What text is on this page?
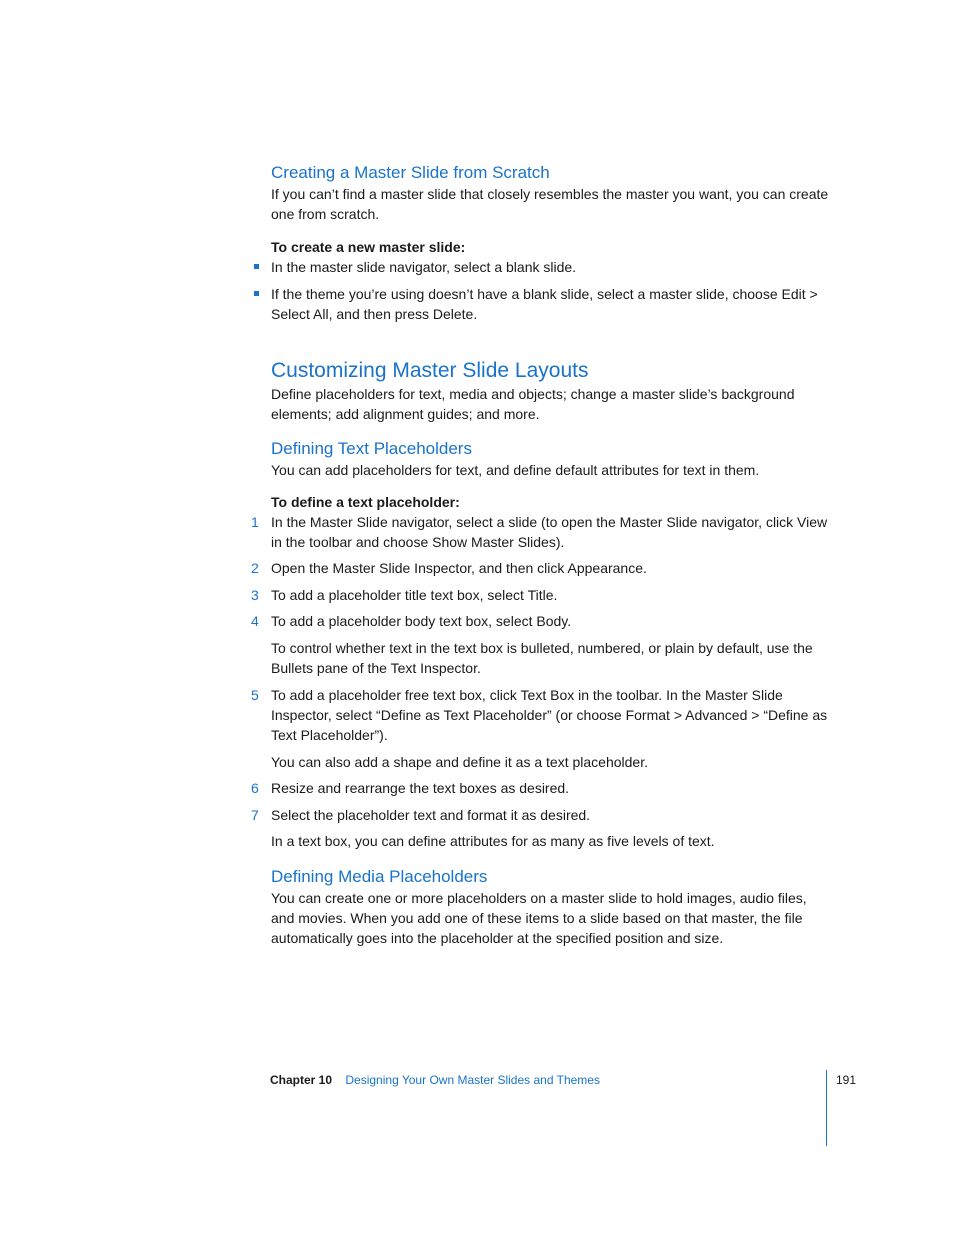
Creating a Master Slide from Scratch

If you can’t find a master slide that closely resembles the master you want, you can create one from scratch.

To create a new master slide:

In the master slide navigator, select a blank slide.
If the theme you’re using doesn’t have a blank slide, select a master slide, choose Edit > Select All, and then press Delete.
Customizing Master Slide Layouts

Define placeholders for text, media and objects; change a master slide’s background elements; add alignment guides; and more.

Defining Text Placeholders

You can add placeholders for text, and define default attributes for text in them.

To define a text placeholder:

1 In the Master Slide navigator, select a slide (to open the Master Slide navigator, click View in the toolbar and choose Show Master Slides).
2 Open the Master Slide Inspector, and then click Appearance.
3 To add a placeholder title text box, select Title.
4 To add a placeholder body text box, select Body.
To control whether text in the text box is bulleted, numbered, or plain by default, use the Bullets pane of the Text Inspector.
5 To add a placeholder free text box, click Text Box in the toolbar. In the Master Slide Inspector, select “Define as Text Placeholder” (or choose Format > Advanced > “Define as Text Placeholder”).
You can also add a shape and define it as a text placeholder.
6 Resize and rearrange the text boxes as desired.
7 Select the placeholder text and format it as desired.
In a text box, you can define attributes for as many as five levels of text.
Defining Media Placeholders

You can create one or more placeholders on a master slide to hold images, audio files, and movies. When you add one of these items to a slide based on that master, the file automatically goes into the placeholder at the specified position and size.

Chapter 10 Designing Your Own Master Slides and Themes	191
